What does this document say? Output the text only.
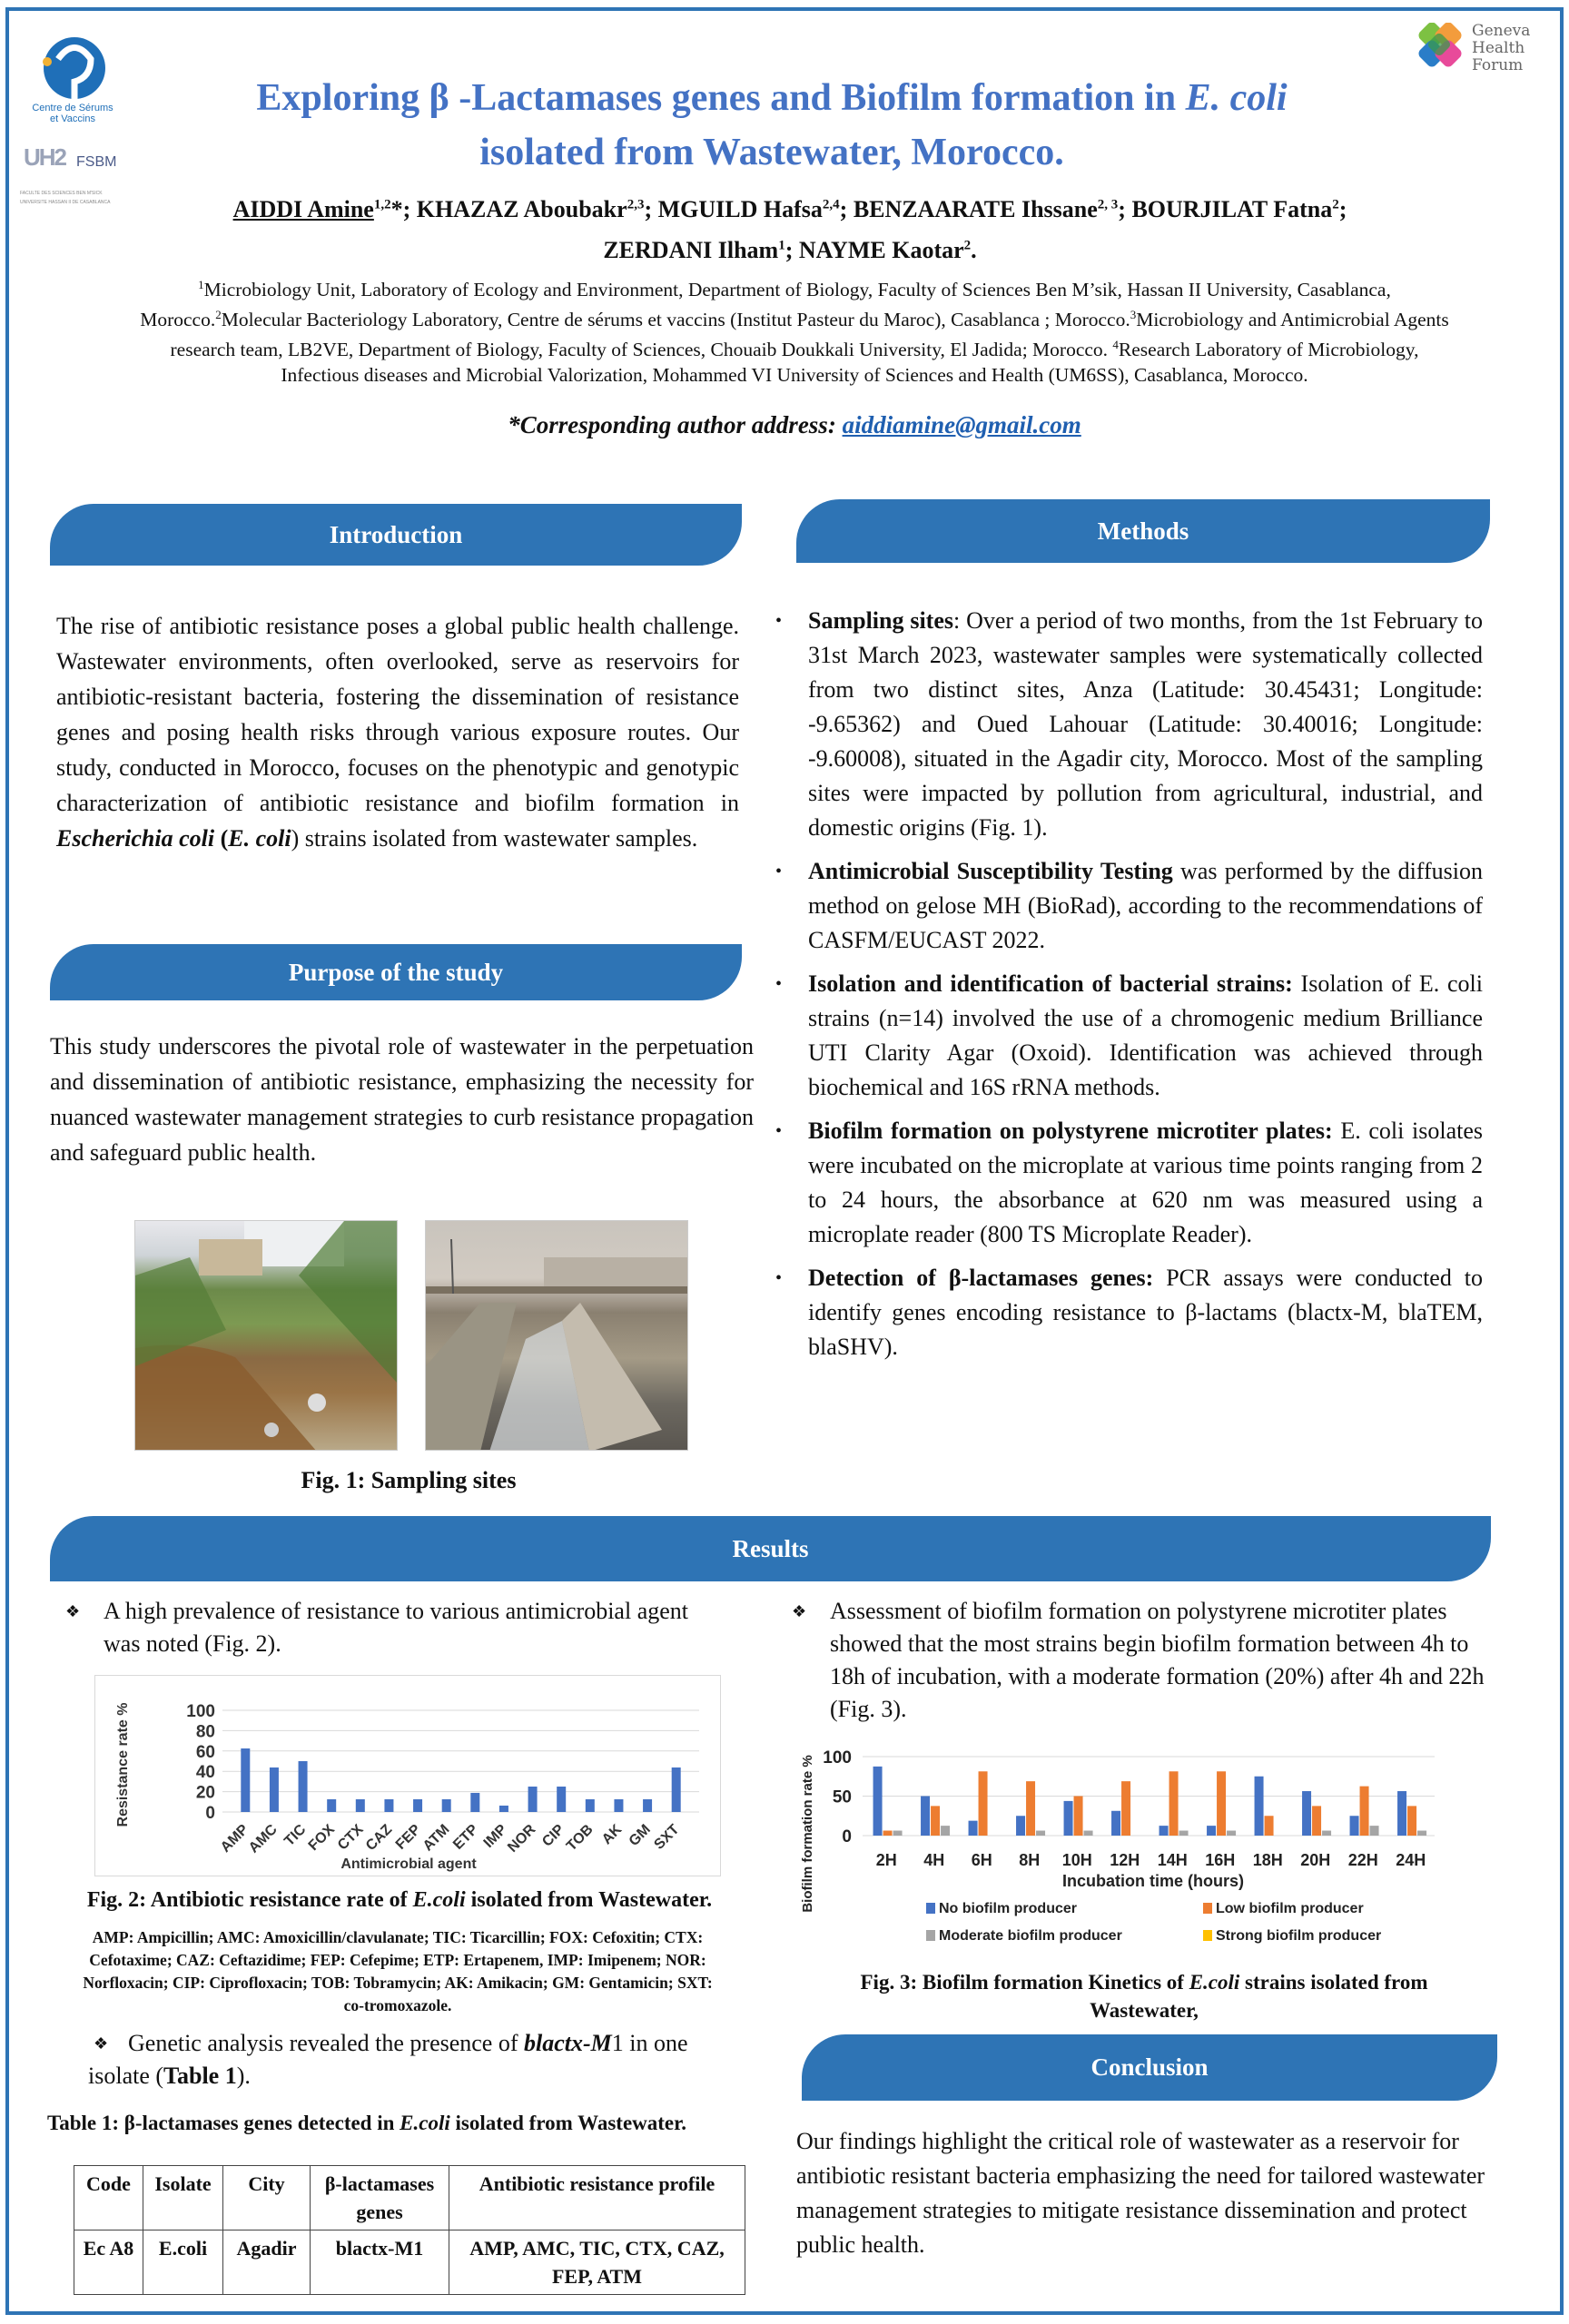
Centre de Sérums
et Vaccins
UH2 FSBM
FACULTE DES SCIENCES BEN M'SICK
UNIVERSITE HASSAN II DE CASABLANCA
Geneva
Health
Forum
Exploring β -Lactamases genes and Biofilm formation in E. coli
isolated from Wastewater, Morocco.
AIDDI Amine$^{1,2}$*; KHAZAZ Aboubakr$^{2,3}$; MGUILD Hafsa$^{2,4}$; BENZAARATE Ihssane$^{2, 3}$; BOURJILAT Fatna$^2$;
ZERDANI Ilham$^1$; NAYME Kaotar$^2$.
$^1$Microbiology Unit, Laboratory of Ecology and Environment, Department of Biology, Faculty of Sciences Ben M’sik, Hassan II University, Casablanca, Morocco.$^2$Molecular Bacteriology Laboratory, Centre de sérums et vaccins (Institut Pasteur du Maroc), Casablanca ; Morocco.$^3$Microbiology and Antimicrobial Agents research team, LB2VE, Department of Biology, Faculty of Sciences, Chouaib Doukkali University, El Jadida; Morocco. $^4$Research Laboratory of Microbiology, Infectious diseases and Microbial Valorization, Mohammed VI University of Sciences and Health (UM6SS), Casablanca, Morocco.
*Corresponding author address: aiddiamine@gmail.com
Introduction
The rise of antibiotic resistance poses a global public health challenge. Wastewater environments, often overlooked, serve as reservoirs for antibiotic-resistant bacteria, fostering the dissemination of resistance genes and posing health risks through various exposure routes. Our study, conducted in Morocco, focuses on the phenotypic and genotypic characterization of antibiotic resistance and biofilm formation in Escherichia coli (E. coli) strains isolated from wastewater samples.
Purpose of the study
This study underscores the pivotal role of wastewater in the perpetuation and dissemination of antibiotic resistance, emphasizing the necessity for nuanced wastewater management strategies to curb resistance propagation and safeguard public health.
Fig. 1: Sampling sites
Methods
• Sampling sites: Over a period of two months, from the 1st February to 31st March 2023, wastewater samples were systematically collected from two distinct sites, Anza (Latitude: 30.45431; Longitude: -9.65362) and Oued Lahouar (Latitude: 30.40016; Longitude: -9.60008), situated in the Agadir city, Morocco. Most of the sampling sites were impacted by pollution from agricultural, industrial, and domestic origins (Fig. 1).
• Antimicrobial Susceptibility Testing was performed by the diffusion method on gelose MH (BioRad), according to the recommendations of CASFM/EUCAST 2022.
• Isolation and identification of bacterial strains: Isolation of E. coli strains (n=14) involved the use of a chromogenic medium Brilliance UTI Clarity Agar (Oxoid). Identification was achieved through biochemical and 16S rRNA methods.
• Biofilm formation on polystyrene microtiter plates: E. coli isolates were incubated on the microplate at various time points ranging from 2 to 24 hours, the absorbance at 620 nm was measured using a microplate reader (800 TS Microplate Reader).
• Detection of β-lactamases genes: PCR assays were conducted to identify genes encoding resistance to β-lactams (blactx-M, blaTEM, blaSHV).
Results
❖ A high prevalence of resistance to various antimicrobial agent was noted (Fig. 2).
0
20
40
60
80
100
AMP
AMC TIC
FOX
CTX
CAZ
FEP
ATM
ETP IMP
NOR CIP
TOB AK GM
SXT
Resistance rate %
Antimicrobial agent
Fig. 2: Antibiotic resistance rate of E.coli isolated from Wastewater.
AMP: Ampicillin; AMC: Amoxicillin/clavulanate; TIC: Ticarcillin; FOX: Cefoxitin; CTX: Cefotaxime; CAZ: Ceftazidime; FEP: Cefepime; ETP: Ertapenem, IMP: Imipenem; NOR: Norfloxacin; CIP: Ciprofloxacin; TOB: Tobramycin; AK: Amikacin; GM: Gentamicin; SXT: co-tromoxazole.
❖ Genetic analysis revealed the presence of blactx-M1 in one isolate (Table 1).
Table 1: β-lactamases genes detected in E.coli isolated from Wastewater.
Code	Isolate	City	β-lactamases genes	Antibiotic resistance profile
Ec A8	E.coli	Agadir	blactx-M1	AMP, AMC, TIC, CTX, CAZ, FEP, ATM
❖ Assessment of biofilm formation on polystyrene microtiter plates showed that the most strains begin biofilm formation between 4h to 18h of incubation, with a moderate formation (20%) after 4h and 22h (Fig. 3).
0
50
100
2H 4H 6H 8H 10H 12H 14H 16H 18H 20H 22H 24H
Biofilm formation rate %	Incubation time (hours)
No biofilm producer	Low biofilm producer
Moderate biofilm producer	Strong biofilm producer
Fig. 3: Biofilm formation Kinetics of E.coli strains isolated from Wastewater,
Conclusion
Our findings highlight the critical role of wastewater as a reservoir for antibiotic resistant bacteria emphasizing the need for tailored wastewater management strategies to mitigate resistance dissemination and protect public health.
